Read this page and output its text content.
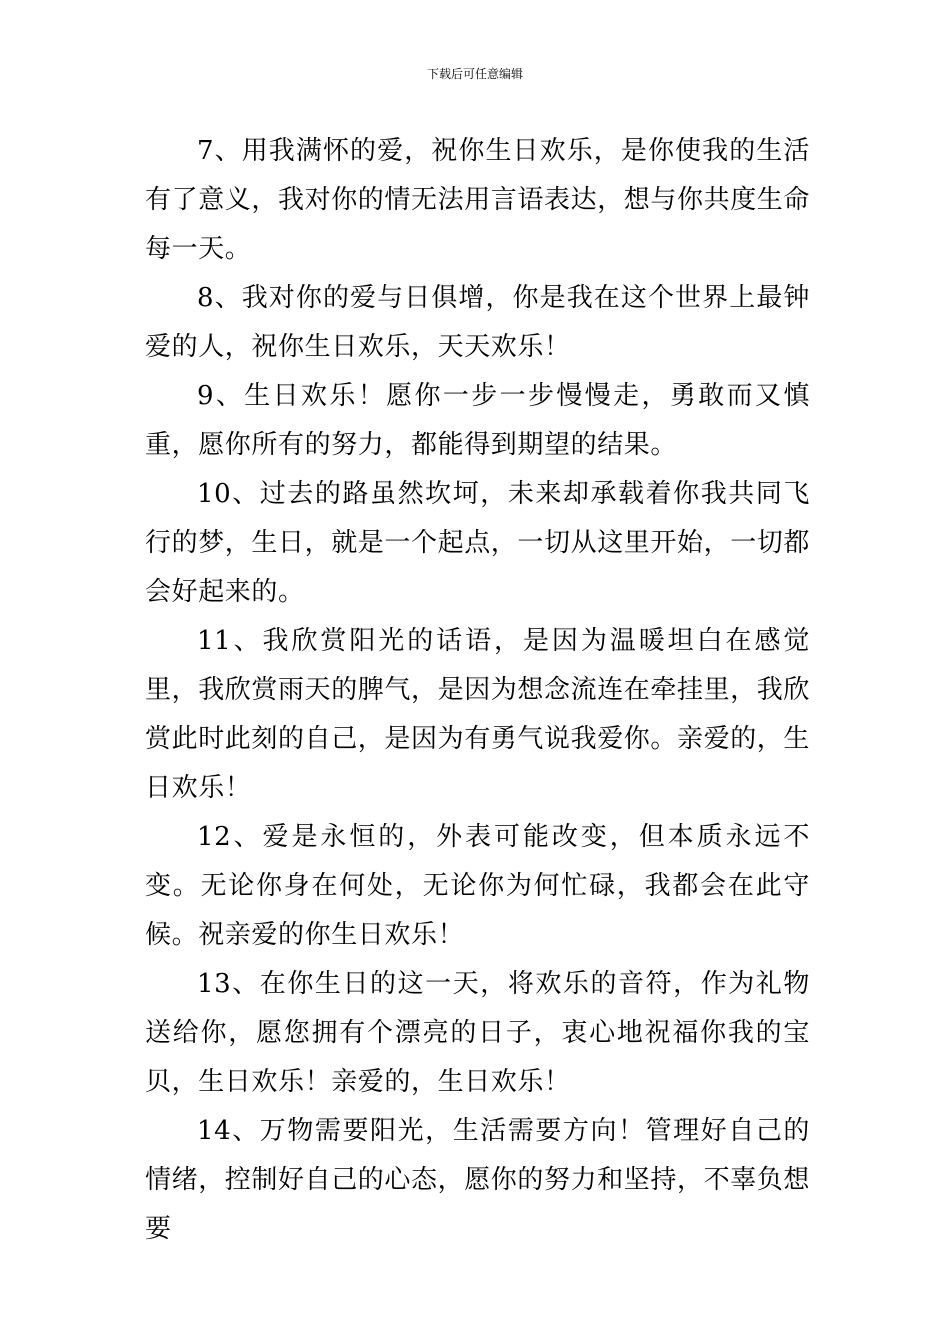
下载后可任意编辑

7、用我满怀的爱，祝你生日欢乐，是你使我的生活有了意义，我对你的情无法用言语表达，想与你共度生命每一天。

8、我对你的爱与日俱增，你是我在这个世界上最钟爱的人，祝你生日欢乐，天天欢乐！

9、生日欢乐！愿你一步一步慢慢走，勇敢而又慎重，愿你所有的努力，都能得到期望的结果。

10、过去的路虽然坎坷，未来却承载着你我共同飞行的梦，生日，就是一个起点，一切从这里开始，一切都会好起来的。

11、我欣赏阳光的话语，是因为温暖坦白在感觉里，我欣赏雨天的脾气，是因为想念流连在牵挂里，我欣赏此时此刻的自己，是因为有勇气说我爱你。亲爱的，生日欢乐！

12、爱是永恒的，外表可能改变，但本质永远不变。无论你身在何处，无论你为何忙碌，我都会在此守候。祝亲爱的你生日欢乐！

13、在你生日的这一天，将欢乐的音符，作为礼物送给你，愿您拥有个漂亮的日子，衷心地祝福你我的宝贝，生日欢乐！亲爱的，生日欢乐！

14、万物需要阳光，生活需要方向！管理好自己的情绪，控制好自己的心态，愿你的努力和坚持，不辜负想要
